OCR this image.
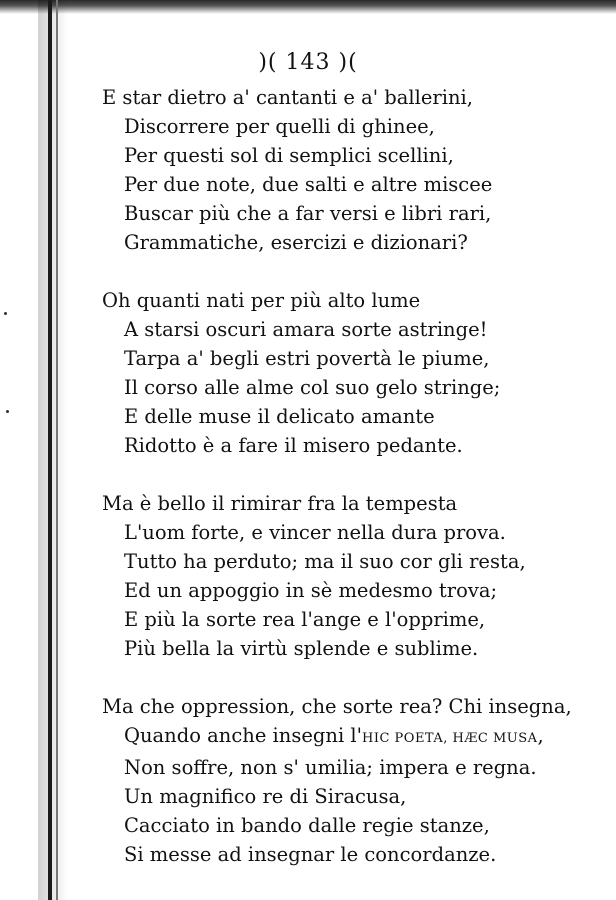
)( 143 )(
E star dietro a' cantanti e a' ballerini,
Discorrere per quelli di ghinee,
Per questi sol di semplici scellini,
Per due note, due salti e altre miscee
Buscar più che a far versi e libri rari,
Grammatiche, esercizi e dizionari?
Oh quanti nati per più alto lume
A starsi oscuri amara sorte astringe!
Tarpa a' begli estri povertà le piume,
Il corso alle alme col suo gelo stringe;
E delle muse il delicato amante
Ridotto è a fare il misero pedante.
Ma è bello il rimirar fra la tempesta
L'uom forte, e vincer nella dura prova.
Tutto ha perduto; ma il suo cor gli resta,
Ed un appoggio in sè medesmo trova;
E più la sorte rea l'ange e l'opprime,
Più bella la virtù splende e sublime.
Ma che oppression, che sorte rea? Chi insegna,
Quando anche insegni l'HIC POETA, HÆC MUSA,
Non soffre, non s' umilia; impera e regna.
Un magnifico re di Siracusa,
Cacciato in bando dalle regie stanze,
Si messe ad insegnar le concordanze.
